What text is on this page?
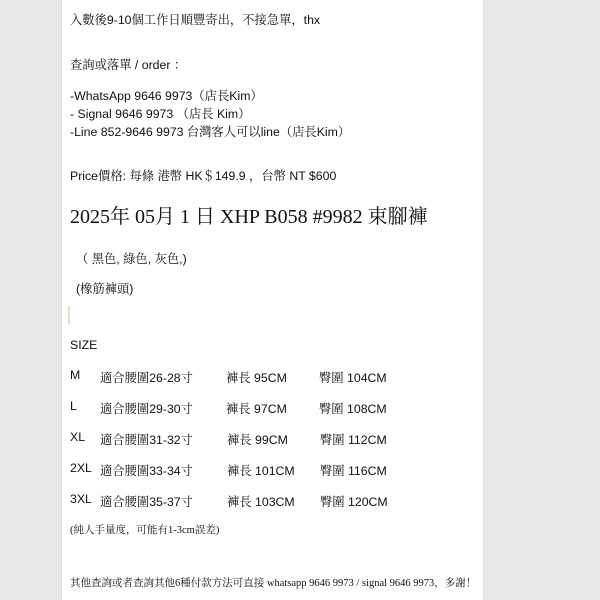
入數後9-10個工作日順豐寄出，不接急單，thx
查詢或落單 / order ：
-WhatsApp 9646 9973（店長Kim）
- Signal 9646 9973 （店長 Kim）
-Line 852-9646 9973 台灣客人可以line（店長Kim）
Price價格: 每條 港幣 HK＄149.9 ，台幣 NT $600
2025年 05月 1 日 XHP B058 #9982 束腳褲
（ 黑色, 綠色, 灰色,)
(橡筋褲頭)
SIZE
M 適合腰圍26-28寸	褲長 95CM	臀圍 104CM
L 適合腰圍29-30寸	褲長 97CM	臀圍 108CM
XL 適合腰圍31-32寸	褲長 99CM	臀圍 112CM
2XL 適合腰圍33-34寸	褲長 101CM 臀圍 116CM
3XL 適合腰圍35-37寸	褲長 103CM 臀圍 120CM
(純人手量度，可能有1-3cm誤差)
其他查詢或者查詢其他6種付款方法可直接 whatsapp 9646 9973 / signal 9646 9973，多謝！
